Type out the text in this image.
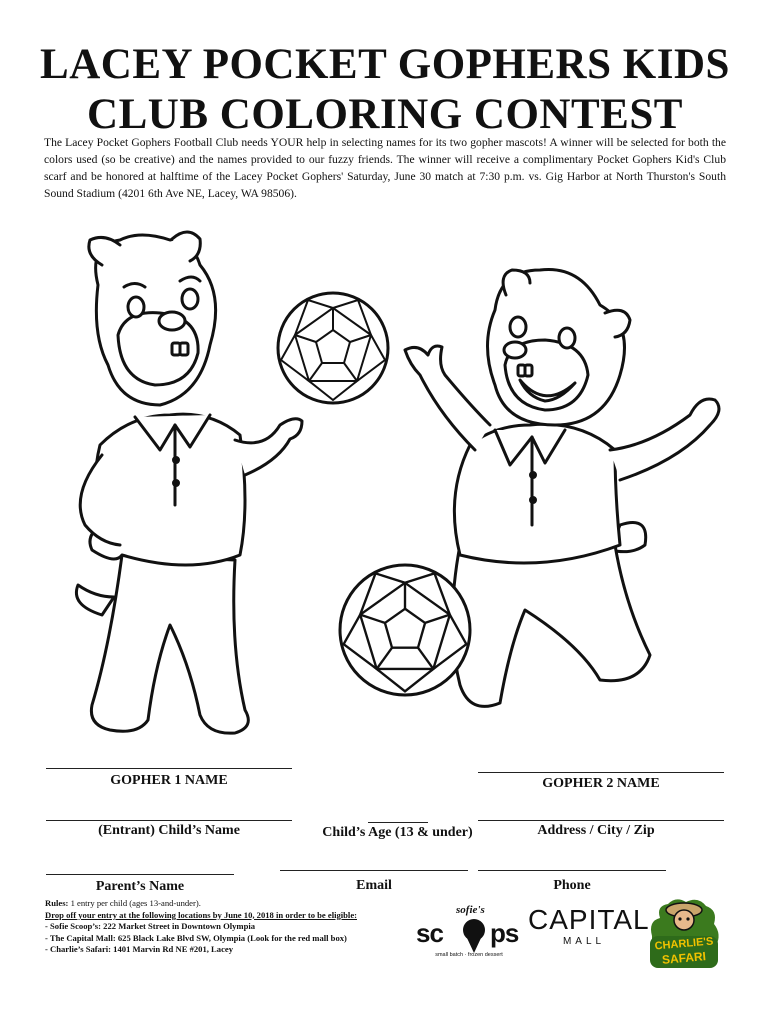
LACEY POCKET GOPHERS KIDS CLUB COLORING CONTEST

The Lacey Pocket Gophers Football Club needs YOUR help in selecting names for its two gopher mascots! A winner will be selected for both the colors used (so be creative) and the names provided to our fuzzy friends. The winner will receive a complimentary Pocket Gophers Kid's Club scarf and be honored at halftime of the Lacey Pocket Gophers' Saturday, June 30 match at 7:30 p.m. vs. Gig Harbor at North Thurston's South Sound Stadium (4201 6th Ave NE, Lacey, WA 98506).

GOPHER 1 NAME	GOPHER 2 NAME
(Entrant) Child’s Name	Child’s Age (13 & under)	Address / City / Zip
Parent’s Name	Email	Phone
Rules: 1 entry per child (ages 13-and-under).
Drop off your entry at the following locations by June 10, 2018 in order to be eligible:
- Sofie Scoop’s: 222 Market Street in Downtown Olympia
- The Capital Mall: 625 Black Lake Blvd SW, Olympia (Look for the red mall box)
- Charlie’s Safari: 1401 Marvin Rd NE #201, Lacey
sofie's
sc ps
small batch · frozen dessert
CAPITAL
MALL	CHARLIE'S
SAFARI
